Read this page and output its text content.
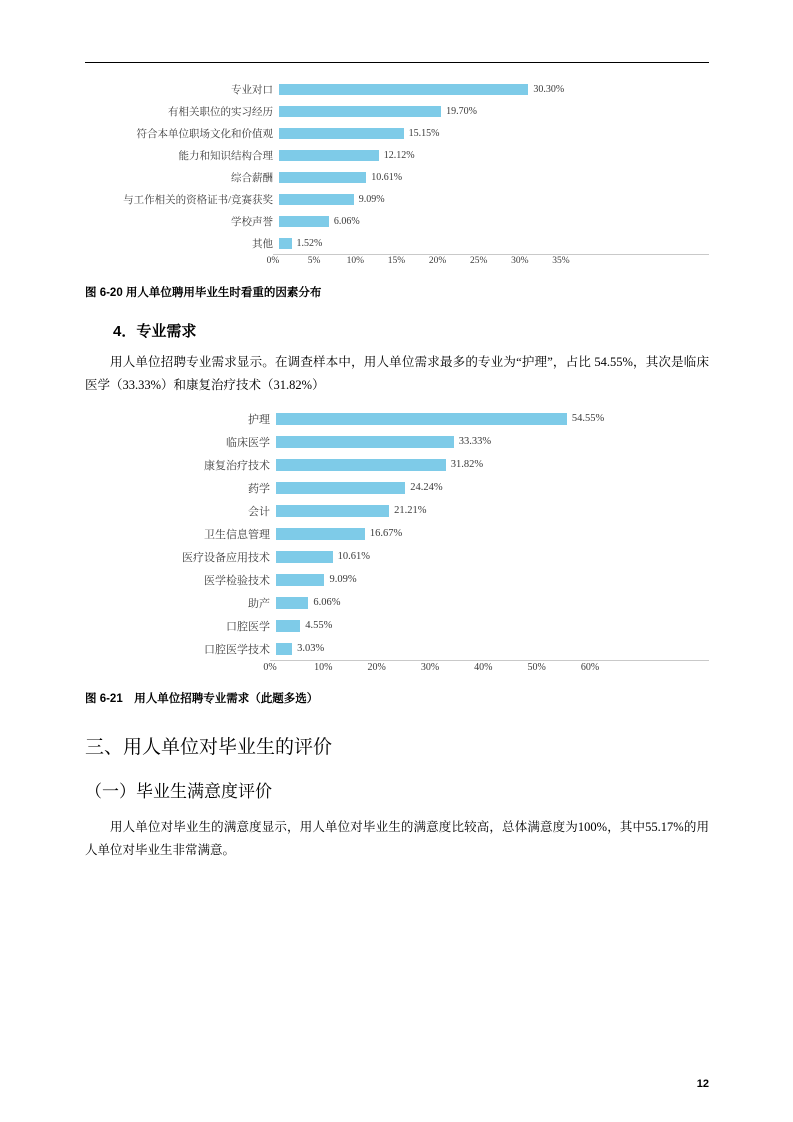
专业对口	30.30%
有相关职位的实习经历	19.70%
符合本单位职场文化和价值观	15.15%
能力和知识结构合理	12.12%
综合薪酬	10.61%
与工作相关的资格证书/竞赛获奖	9.09%
学校声誉	6.06%
其他	1.52%
0%	5%	10% 15% 20% 25% 30% 35%
图 6-20 用人单位聘用毕业生时看重的因素分布
4．专业需求

用人单位招聘专业需求显示。在调查样本中，用人单位需求最多的专业为“护理”，占比 54.55%，其次是临床医学（33.33%）和康复治疗技术（31.82%）

护理	54.55%
临床医学	33.33%
康复治疗技术	31.82%
药学	24.24%
会计	21.21%
卫生信息管理	16.67%
医疗设备应用技术	10.61%
医学检验技术	9.09%
助产	6.06%
口腔医学	4.55%
口腔医学技术	3.03%
0%	10%	20%	30%	40%	50%	60%
图 6-21　用人单位招聘专业需求（此题多选）
三、用人单位对毕业生的评价
（一）毕业生满意度评价

用人单位对毕业生的满意度显示，用人单位对毕业生的满意度比较高，总体满意度为100%，其中55.17%的用人单位对毕业生非常满意。

12
